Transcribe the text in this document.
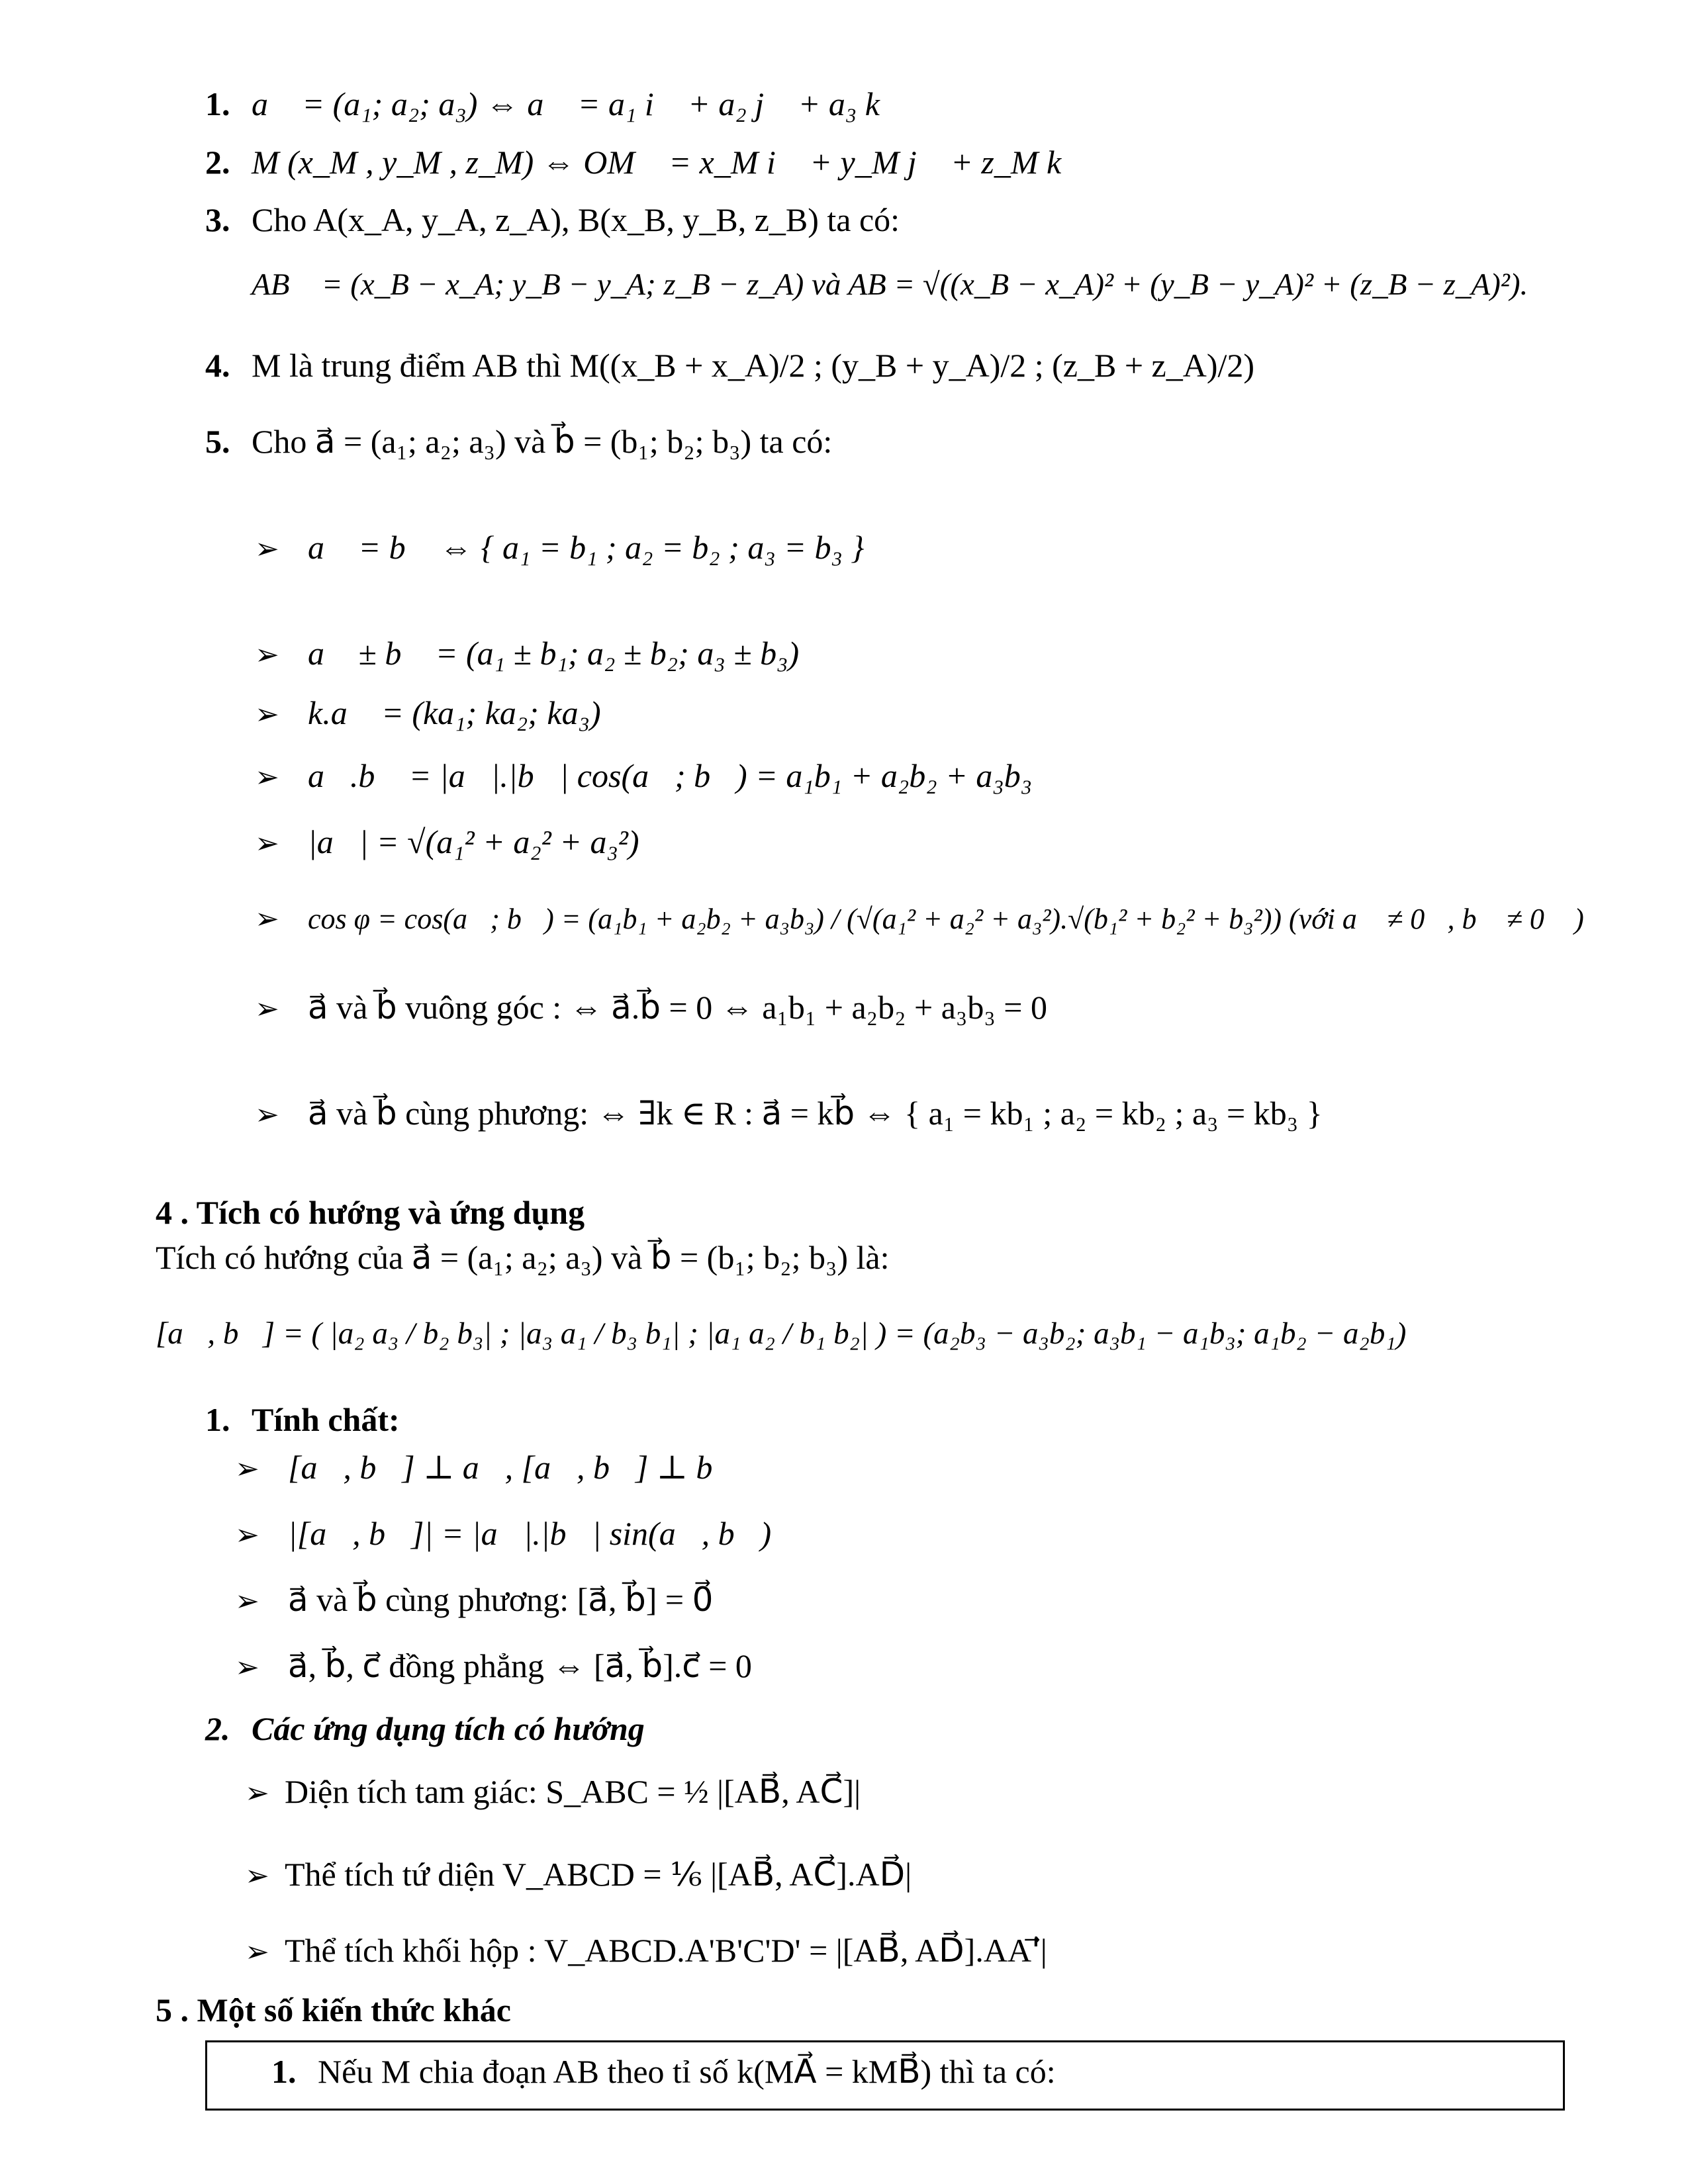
1. a⃗ = (a₁; a₂; a₃) ⇔ a⃗ = a₁ i⃗ + a₂ j⃗ + a₃ k⃗
2. M (x_M , y_M , z_M) ⇔ OM⃗ = x_M i⃗ + y_M j⃗ + z_M k⃗
3. Cho A(x_A, y_A, z_A), B(x_B, y_B, z_B) ta có:
AB⃗ = (x_B − x_A; y_B − y_A; z_B − z_A) và AB = √((x_B − x_A)² + (y_B − y_A)² + (z_B − z_A)²).
4. M là trung điểm AB thì M((x_B + x_A)/2 ; (y_B + y_A)/2 ; (z_B + z_A)/2)
5. Cho a⃗ = (a₁; a₂; a₃) và b⃗ = (b₁; b₂; b₃) ta có:
➢ a⃗ = b⃗ ⇔ { a₁ = b₁ ; a₂ = b₂ ; a₃ = b₃ }
➢ a⃗ ± b⃗ = (a₁ ± b₁; a₂ ± b₂; a₃ ± b₃)
➢ k.a⃗ = (ka₁; ka₂; ka₃)
➢ a⃗.b⃗ = |a⃗|.|b⃗| cos(a⃗; b⃗) = a₁b₁ + a₂b₂ + a₃b₃
➢ |a⃗| = √(a₁² + a₂² + a₃²)
➢ cos φ = cos(a⃗; b⃗) = (a₁b₁ + a₂b₂ + a₃b₃) / (√(a₁² + a₂² + a₃²).√(b₁² + b₂² + b₃²)) (với a⃗ ≠ 0⃗, b⃗ ≠ 0⃗ )
➢ a⃗ và b⃗ vuông góc : ⇔ a⃗.b⃗ = 0 ⇔ a₁b₁ + a₂b₂ + a₃b₃ = 0
➢ a⃗ và b⃗ cùng phương: ⇔ ∃k ∈ R : a⃗ = kb⃗ ⇔ { a₁ = kb₁ ; a₂ = kb₂ ; a₃ = kb₃ }
4 . Tích có hướng và ứng dụng
Tích có hướng của a⃗ = (a₁; a₂; a₃) và b⃗ = (b₁; b₂; b₃) là:
[a⃗, b⃗] = ( |a₂ a₃ / b₂ b₃| ; |a₃ a₁ / b₃ b₁| ; |a₁ a₂ / b₁ b₂| ) = (a₂b₃ − a₃b₂; a₃b₁ − a₁b₃; a₁b₂ − a₂b₁)
1. Tính chất:
➢ [a⃗, b⃗] ⊥ a⃗, [a⃗, b⃗] ⊥ b⃗
➢ |[a⃗, b⃗]| = |a⃗|.|b⃗| sin(a⃗, b⃗)
➢ a⃗ và b⃗ cùng phương: [a⃗, b⃗] = 0⃗
➢ a⃗, b⃗, c⃗ đồng phẳng ⇔ [a⃗, b⃗].c⃗ = 0
2. Các ứng dụng tích có hướng
➢ Diện tích tam giác: S_ABC = ½ |[AB⃗, AC⃗]|
➢ Thể tích tứ diện V_ABCD = ⅙ |[AB⃗, AC⃗].AD⃗|
➢ Thể tích khối hộp : V_ABCD.A'B'C'D' = |[AB⃗, AD⃗].AA'⃗|
5 . Một số kiến thức khác
1. Nếu M chia đoạn AB theo tỉ số k(MA⃗ = kMB⃗) thì ta có:
